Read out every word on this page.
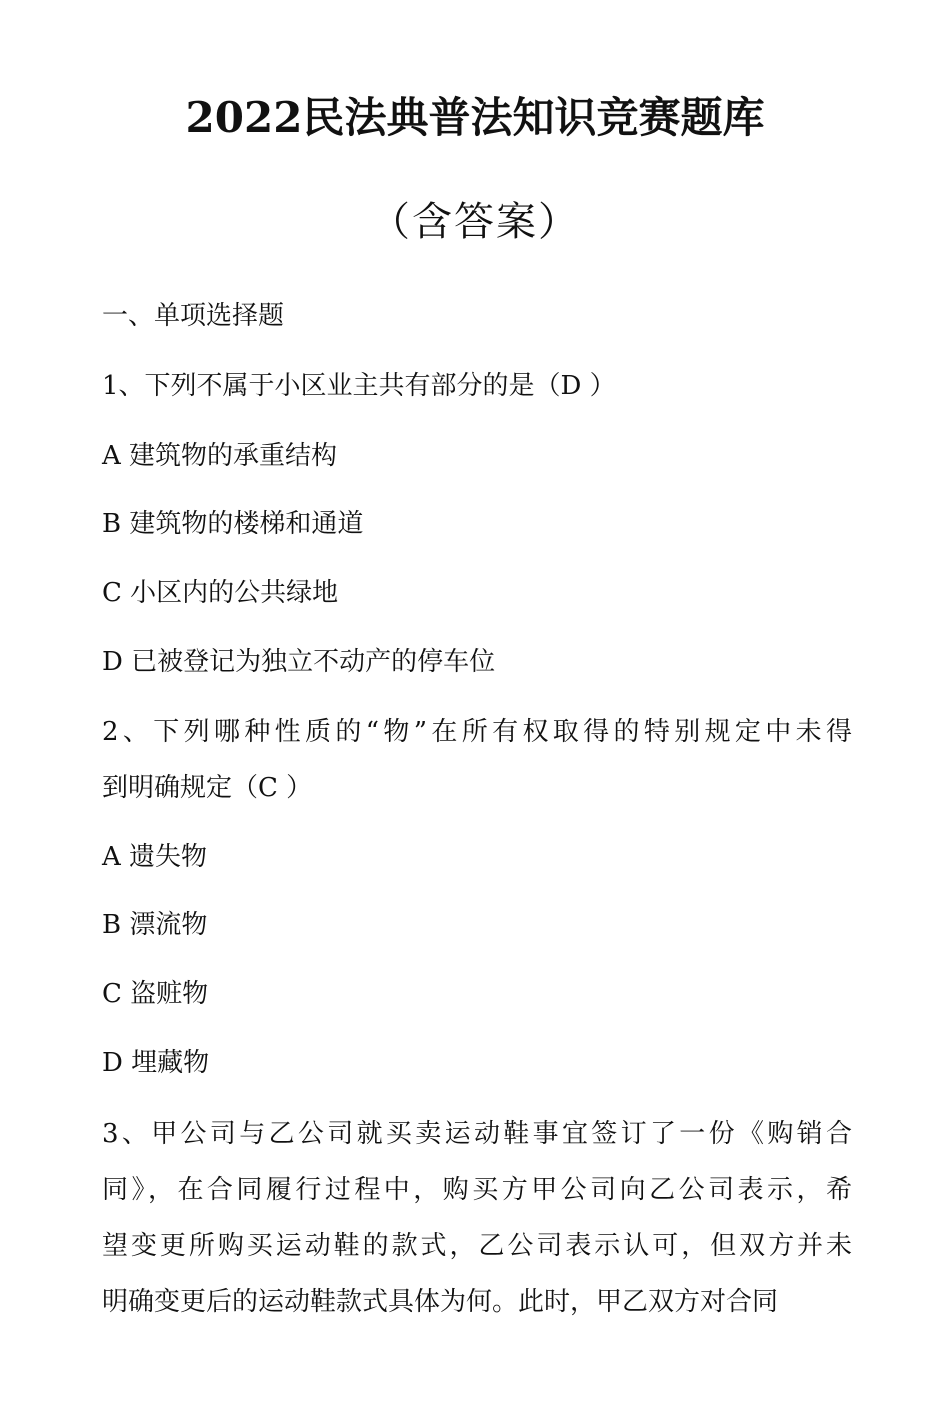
2022民法典普法知识竞赛题库
（含答案）
一、单项选择题
1、下列不属于小区业主共有部分的是（D ）
A 建筑物的承重结构
B 建筑物的楼梯和通道
C 小区内的公共绿地
D 已被登记为独立不动产的停车位
2、下列哪种性质的“物”在所有权取得的特别规定中未得
到明确规定（C ）
A 遗失物
B 漂流物
C 盗赃物
D 埋藏物
3、甲公司与乙公司就买卖运动鞋事宜签订了一份《购销合
同》，在合同履行过程中，购买方甲公司向乙公司表示，希
望变更所购买运动鞋的款式，乙公司表示认可，但双方并未
明确变更后的运动鞋款式具体为何。此时，甲乙双方对合同
